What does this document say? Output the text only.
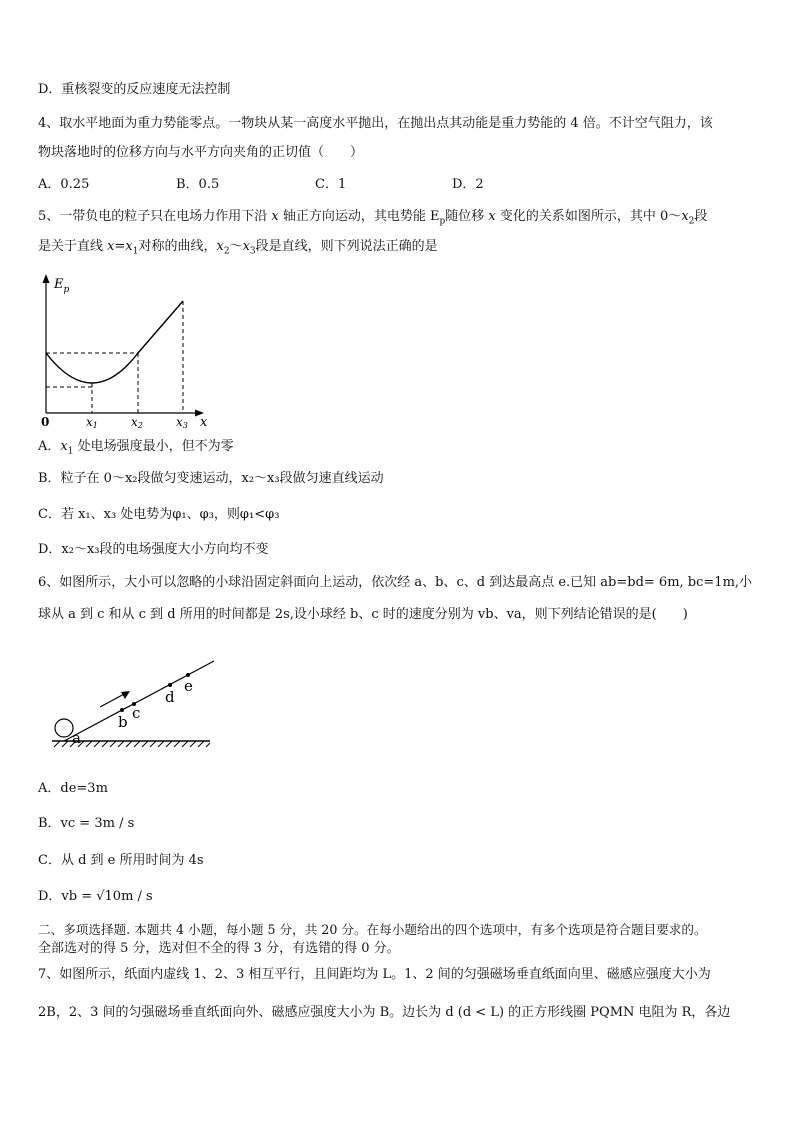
D．重核裂变的反应速度无法控制
4、取水平地面为重力势能零点。一物块从某一高度水平抛出，在抛出点其动能是重力势能的 4 倍。不计空气阻力，该
物块落地时的位移方向与水平方向夹角的正切值（　　）
A．0.25	B．0.5	C．1	D．2
5、一带负电的粒子只在电场力作用下沿 x 轴正方向运动，其电势能 $E_p$随位移 x 变化的关系如图所示，其中 $0\sim x_2$段
是关于直线 $x=x_1$对称的曲线，$x_2\sim x_3$段是直线，则下列说法正确的是
$E_p$
0	x1	x2	x3 x
A．$x_1$ 处电场强度最小，但不为零
B．粒子在 0～x₂段做匀变速运动，x₂～x₃段做匀速直线运动
C．若 x₁、x₃ 处电势为φ₁、φ₃，则φ₁<φ₃
D．x₂～x₃段的电场强度大小方向均不变
6、如图所示，大小可以忽略的小球沿固定斜面向上运动，依次经 a、b、c、d 到达最高点 e.已知 ab=bd= 6m, bc=1m,小
球从 a 到 c 和从 c 到 d 所用的时间都是 2s,设小球经 b、c 时的速度分别为 vb、va，则下列结论错误的是(　　)
a
b c
d
e
A．de=3m
B．vc = 3m / s
C．从 d 到 e 所用时间为 4s
D．vb = √10m / s
二、多项选择题. 本题共 4 小题，每小题 5 分，共 20 分。在每小题给出的四个选项中，有多个选项是符合题目要求的。
全部选对的得 5 分，选对但不全的得 3 分，有选错的得 0 分。
7、如图所示，纸面内虚线 1、2、3 相互平行，且间距均为 L。1、2 间的匀强磁场垂直纸面向里、磁感应强度大小为
2B，2、3 间的匀强磁场垂直纸面向外、磁感应强度大小为 B。边长为 d (d < L) 的正方形线圈 PQMN 电阻为 R，各边
